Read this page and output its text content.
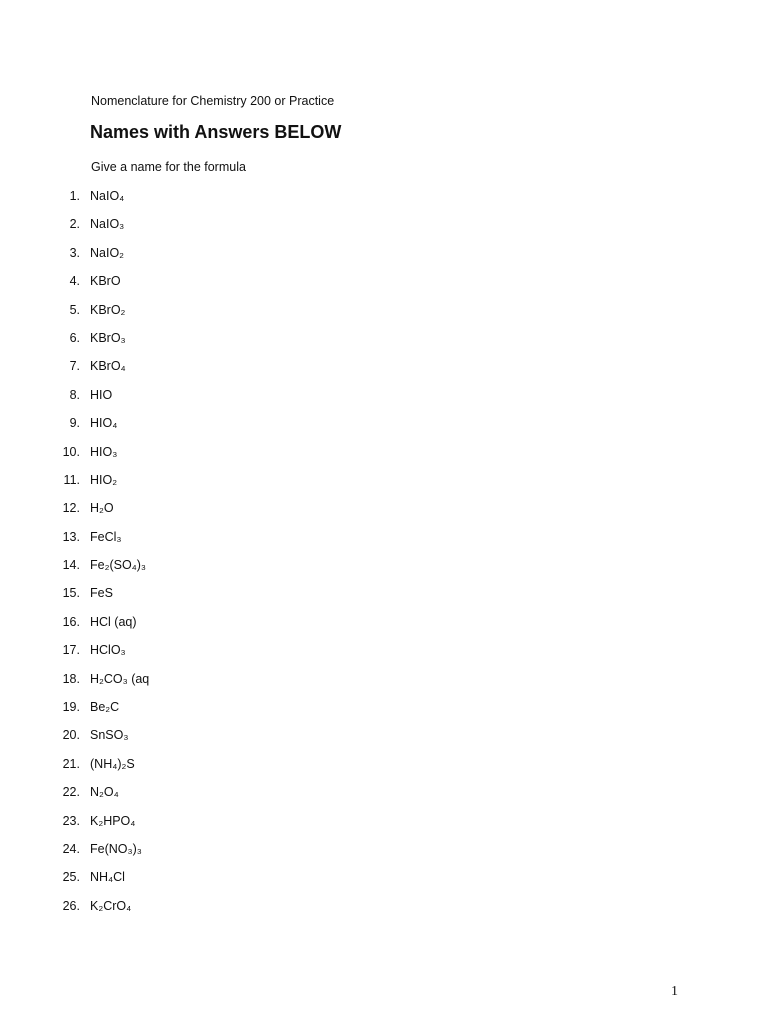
Nomenclature for Chemistry 200 or Practice
Names with Answers BELOW
Give a name for the formula
1. NaIO₄
2. NaIO₃
3. NaIO₂
4. KBrO
5. KBrO₂
6. KBrO₃
7. KBrO₄
8. HIO
9. HIO₄
10. HIO₃
11. HIO₂
12. H₂O
13. FeCl₃
14. Fe₂(SO₄)₃
15. FeS
16. HCl (aq)
17. HClO₃
18. H₂CO₃ (aq
19. Be₂C
20. SnSO₃
21. (NH₄)₂S
22. N₂O₄
23. K₂HPO₄
24. Fe(NO₃)₃
25. NH₄Cl
26. K₂CrO₄
1
